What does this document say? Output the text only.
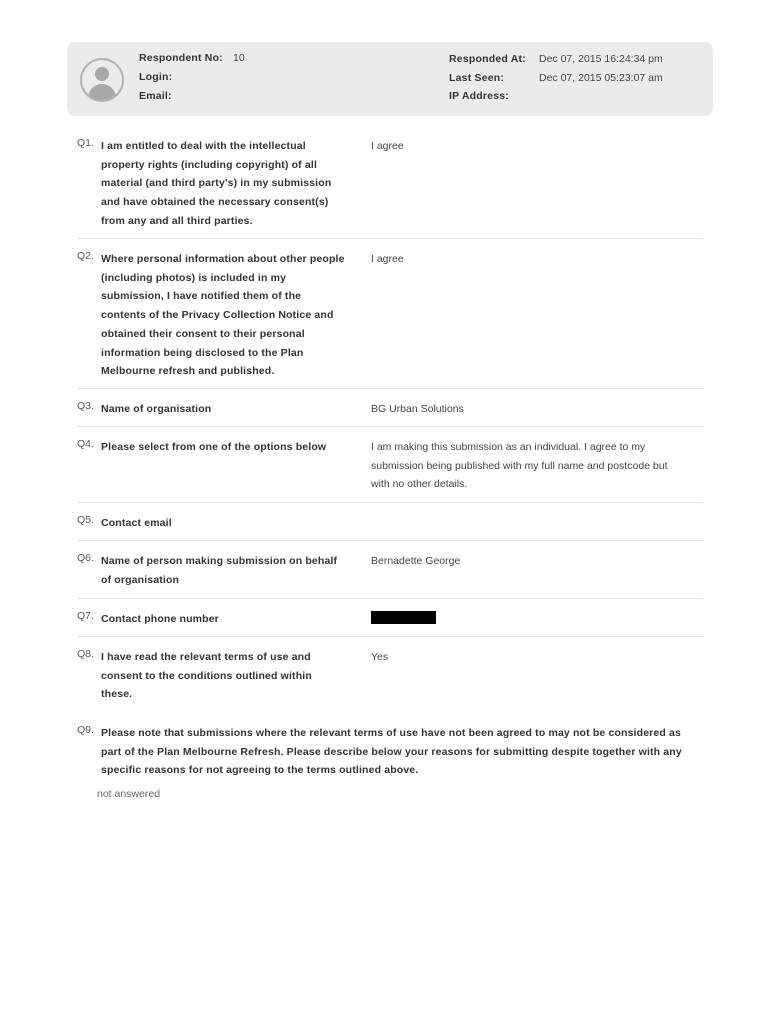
Respondent No: 10
Login:
Email:
Responded At: Dec 07, 2015 16:24:34 pm
Last Seen:	Dec 07, 2015 05:23:07 am
IP Address:
Q1. I am entitled to deal with the intellectual
property rights (including copyright) of all
material (and third party's) in my submission
and have obtained the necessary consent(s)
from any and all third parties.
I agree
Q2. Where personal information about other people
(including photos) is included in my
submission, I have notified them of the
contents of the Privacy Collection Notice and
obtained their consent to their personal
information being disclosed to the Plan
Melbourne refresh and published.
I agree
Q3. Name of organisation	BG Urban Solutions
Q4. Please select from one of the options below	I am making this submission as an individual. I agree to my
submission being published with my full name and postcode but
with no other details.
Q5. Contact email
Q6. Name of person making submission on behalf
of organisation
Bernadette George
Q7. Contact phone number
Q8. I have read the relevant terms of use and
consent to the conditions outlined within
these.
Yes
Q9. Please note that submissions where the relevant terms of use have not been agreed to may not be considered as
part of the Plan Melbourne Refresh. Please describe below your reasons for submitting despite together with any
specific reasons for not agreeing to the terms outlined above.
not answered
